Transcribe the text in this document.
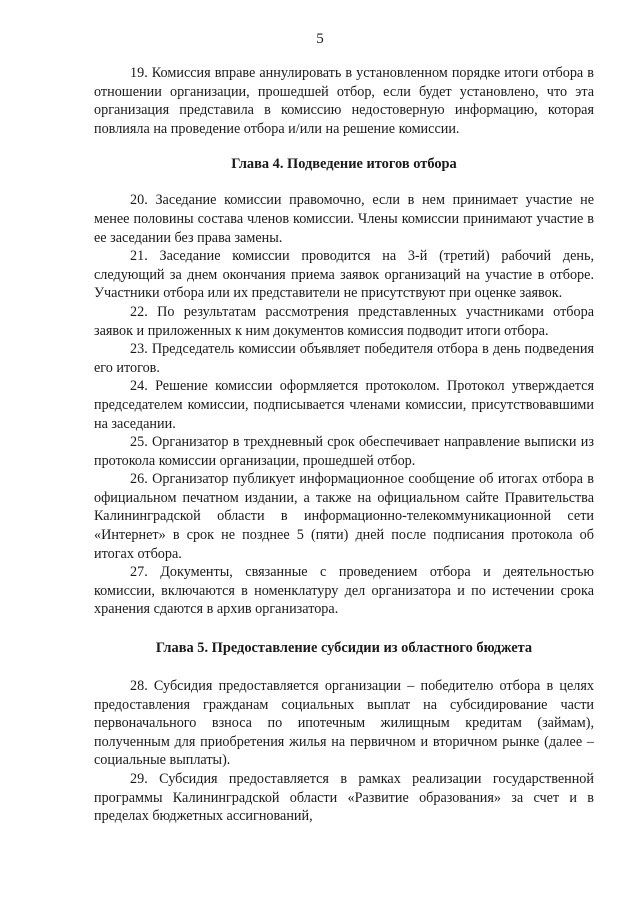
5

19. Комиссия вправе аннулировать в установленном порядке итоги отбора в отношении организации, прошедшей отбор, если будет установлено, что эта организация представила в комиссию недостоверную информацию, которая повлияла на проведение отбора и/или на решение комиссии.

Глава 4. Подведение итогов отбора

20. Заседание комиссии правомочно, если в нем принимает участие не менее половины состава членов комиссии. Члены комиссии принимают участие в ее заседании без права замены.

21. Заседание комиссии проводится на 3-й (третий) рабочий день, следующий за днем окончания приема заявок организаций на участие в отборе. Участники отбора или их представители не присутствуют при оценке заявок.

22. По результатам рассмотрения представленных участниками отбора заявок и приложенных к ним документов комиссия подводит итоги отбора.

23. Председатель комиссии объявляет победителя отбора в день подведения его итогов.

24. Решение комиссии оформляется протоколом. Протокол утверждается председателем комиссии, подписывается членами комиссии, присутствовавшими на заседании.

25. Организатор в трехдневный срок обеспечивает направление выписки из протокола комиссии организации, прошедшей отбор.

26. Организатор публикует информационное сообщение об итогах отбора в официальном печатном издании, а также на официальном сайте Правительства Калининградской области в информационно-телекоммуникационной сети «Интернет» в срок не позднее 5 (пяти) дней после подписания протокола об итогах отбора.

27. Документы, связанные с проведением отбора и деятельностью комиссии, включаются в номенклатуру дел организатора и по истечении срока хранения сдаются в архив организатора.

Глава 5. Предоставление субсидии из областного бюджета

28. Субсидия предоставляется организации – победителю отбора в целях предоставления гражданам социальных выплат на субсидирование части первоначального взноса по ипотечным жилищным кредитам (займам), полученным для приобретения жилья на первичном и вторичном рынке (далее – социальные выплаты).

29. Субсидия предоставляется в рамках реализации государственной программы Калининградской области «Развитие образования» за счет и в пределах бюджетных ассигнований,
